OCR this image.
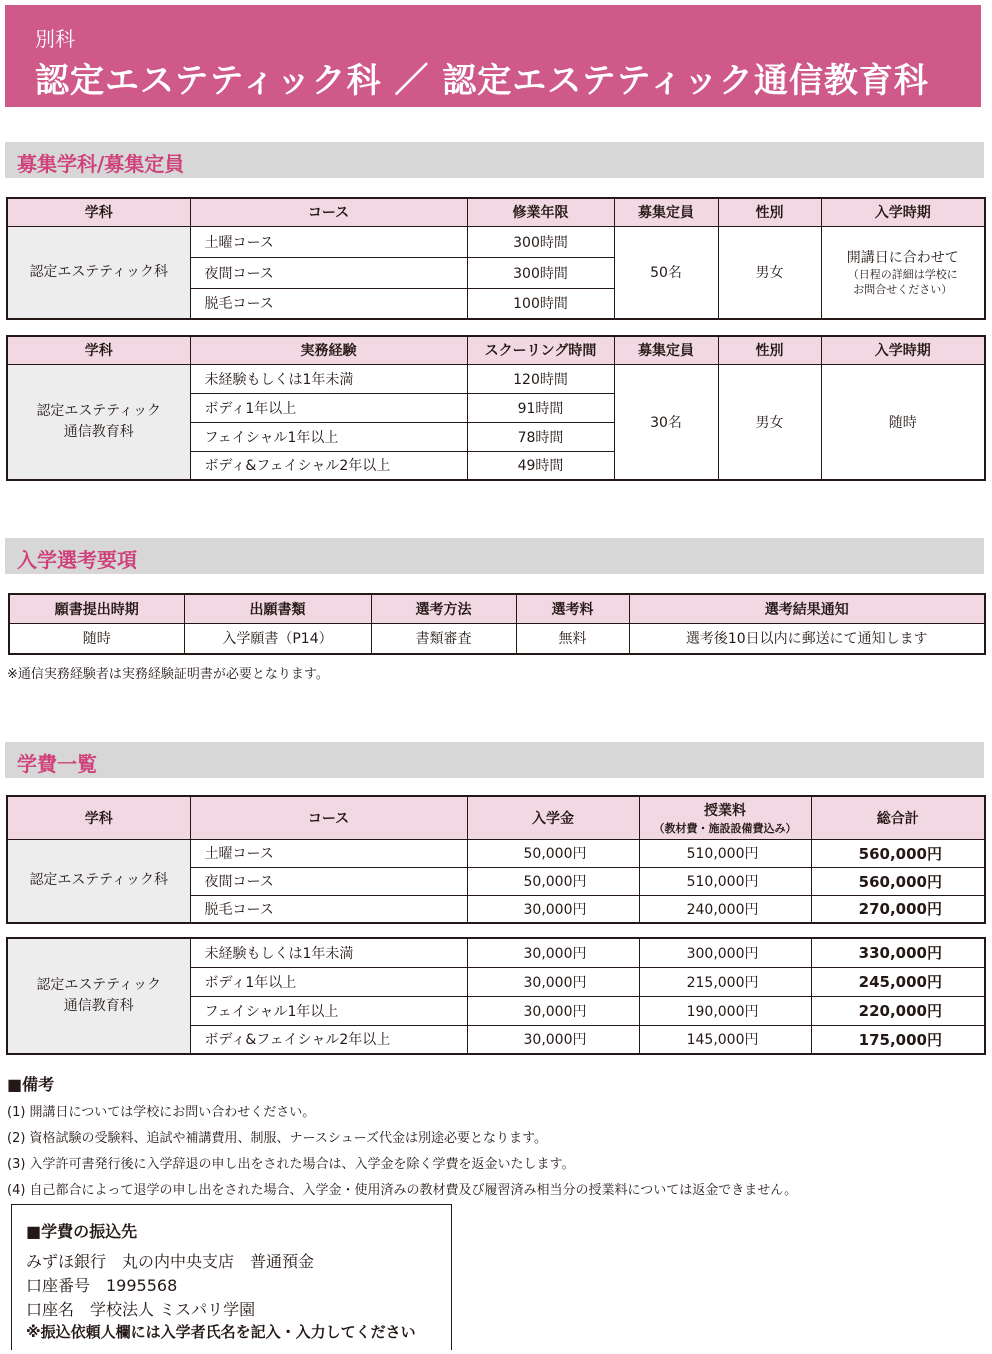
別科
認定エステティック科 ／ 認定エステティック通信教育科
募集学科/募集定員
学科	コース	修業年限	募集定員	性別	入学時期
認定エステティック科	土曜コース	300時間	50名	男女	開講日に合わせて
（日程の詳細は学校に
お問合せください）

	夜間コース	300時間			
	脱毛コース	100時間			
学科	実務経験	スクーリング時間	募集定員	性別	入学時期

認定エステティック
通信教育科	未経験もしくは1年未満	120時間	30名	男女	随時
	ボディ1年以上	91時間			
	フェイシャル1年以上	78時間			
	ボディ&フェイシャル2年以上	49時間			
入学選考要項
願書提出時期	出願書類	選考方法	選考料	選考結果通知
随時	入学願書（P14）	書類審査	無料	選考後10日以内に郵送にて通知します
※通信実務経験者は実務経験証明書が必要となります。
学費一覧
学科	コース	入学金	授業料
（教材費・施設設備費込み）	総合計
認定エステティック科	土曜コース	50,000円	510,000円	560,000円
	夜間コース	50,000円	510,000円	560,000円
	脱毛コース	30,000円	240,000円	270,000円
認定エステティック
通信教育科	未経験もしくは1年未満	30,000円	300,000円	330,000円
	ボディ1年以上	30,000円	215,000円	245,000円
	フェイシャル1年以上	30,000円	190,000円	220,000円
	ボディ&フェイシャル2年以上	30,000円	145,000円	175,000円
■備考
(1) 開講日については学校にお問い合わせください。
(2) 資格試験の受験料、追試や補講費用、制服、ナースシューズ代金は別途必要となります。
(3) 入学許可書発行後に入学辞退の申し出をされた場合は、入学金を除く学費を返金いたします。
(4) 自己都合によって退学の申し出をされた場合、入学金・使用済みの教材費及び履習済み相当分の授業料については返金できません。
■学費の振込先
みずほ銀行　丸の内中央支店　普通預金
口座番号　1995568
口座名　学校法人 ミスパリ学園
※振込依頼人欄には入学者氏名を記入・入力してください
